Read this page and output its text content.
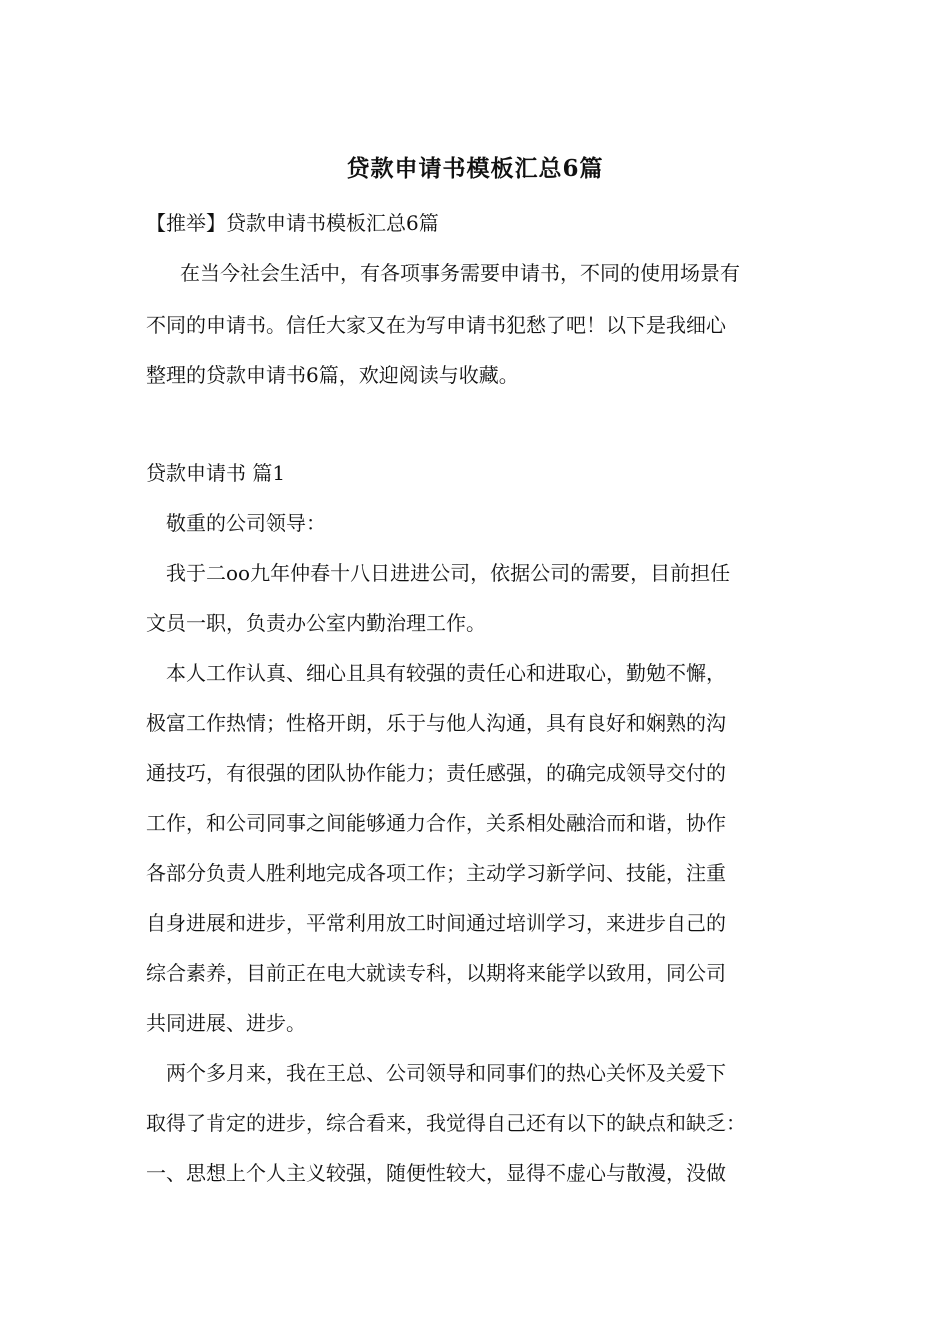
贷款申请书模板汇总6篇
【推举】贷款申请书模板汇总6篇
在当今社会生活中，有各项事务需要申请书，不同的使用场景有
不同的申请书。信任大家又在为写申请书犯愁了吧！以下是我细心
整理的贷款申请书6篇，欢迎阅读与收藏。
贷款申请书 篇1
敬重的公司领导：
我于二oo九年仲春十八日进进公司，依据公司的需要，目前担任
文员一职，负责办公室内勤治理工作。
本人工作认真、细心且具有较强的责任心和进取心，勤勉不懈，
极富工作热情；性格开朗，乐于与他人沟通，具有良好和娴熟的沟
通技巧，有很强的团队协作能力；责任感强，的确完成领导交付的
工作，和公司同事之间能够通力合作，关系相处融洽而和谐，协作
各部分负责人胜利地完成各项工作；主动学习新学问、技能，注重
自身进展和进步，平常利用放工时间通过培训学习，来进步自己的
综合素养，目前正在电大就读专科，以期将来能学以致用，同公司
共同进展、进步。
两个多月来，我在王总、公司领导和同事们的热心关怀及关爱下
取得了肯定的进步，综合看来，我觉得自己还有以下的缺点和缺乏：
一、思想上个人主义较强，随便性较大，显得不虚心与散漫，没做
